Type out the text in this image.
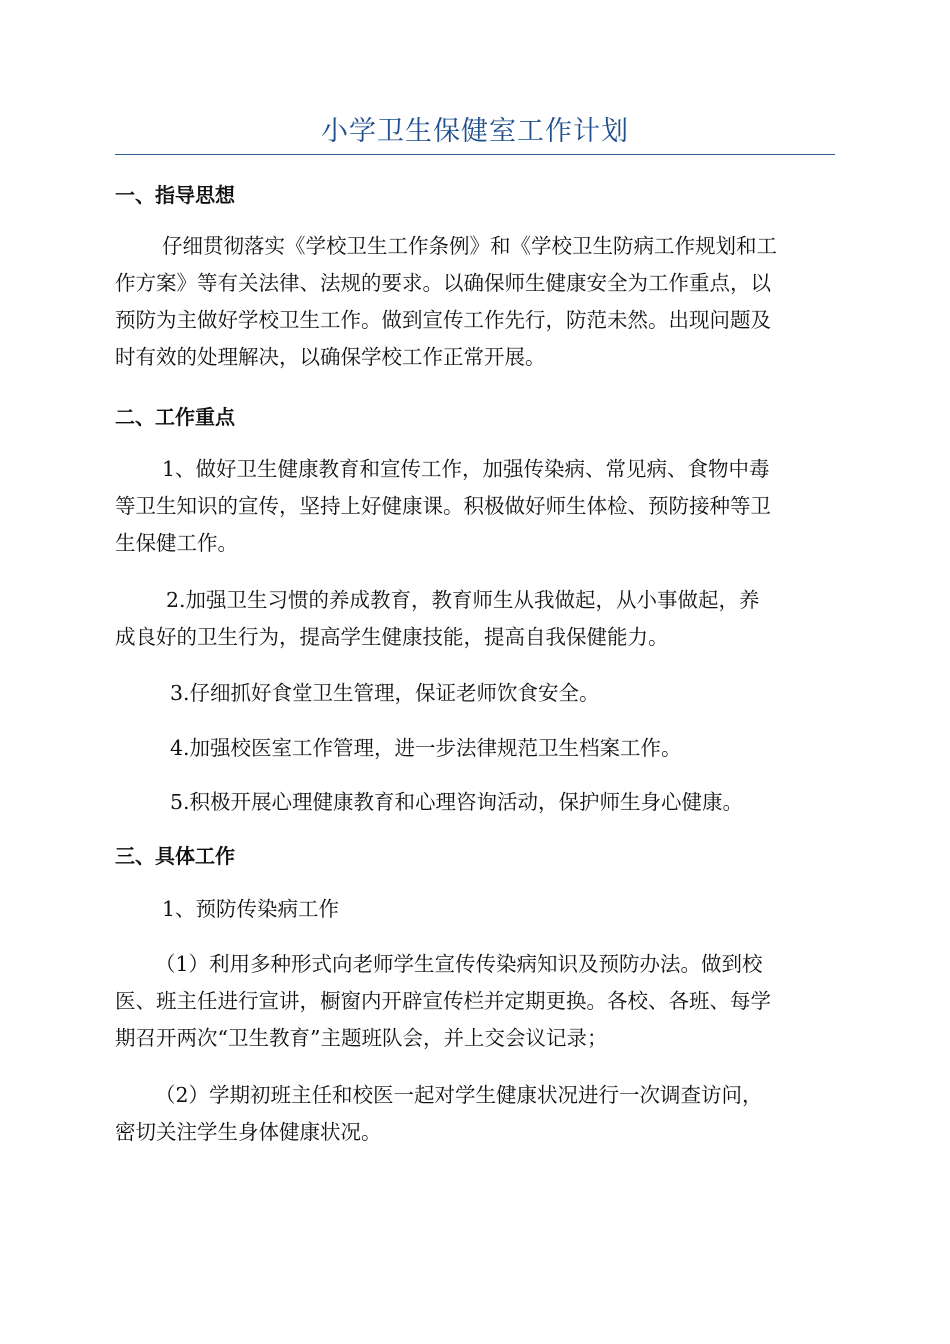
小学卫生保健室工作计划
一、指导思想

仔细贯彻落实《学校卫生工作条例》和《学校卫生防病工作规划和工
作方案》等有关法律、法规的要求。以确保师生健康安全为工作重点，以
预防为主做好学校卫生工作。做到宣传工作先行，防范未然。出现问题及
时有效的处理解决，以确保学校工作正常开展。

二、工作重点

1、做好卫生健康教育和宣传工作，加强传染病、常见病、食物中毒
等卫生知识的宣传，坚持上好健康课。积极做好师生体检、预防接种等卫
生保健工作。

2.加强卫生习惯的养成教育，教育师生从我做起，从小事做起，养
成良好的卫生行为，提高学生健康技能，提高自我保健能力。

3.仔细抓好食堂卫生管理，保证老师饮食安全。

4.加强校医室工作管理，进一步法律规范卫生档案工作。

5.积极开展心理健康教育和心理咨询活动，保护师生身心健康。

三、具体工作

1、预防传染病工作

（1）利用多种形式向老师学生宣传传染病知识及预防办法。做到校
医、班主任进行宣讲，橱窗内开辟宣传栏并定期更换。各校、各班、每学
期召开两次“卫生教育”主题班队会，并上交会议记录；

（2）学期初班主任和校医一起对学生健康状况进行一次调查访问，
密切关注学生身体健康状况。
